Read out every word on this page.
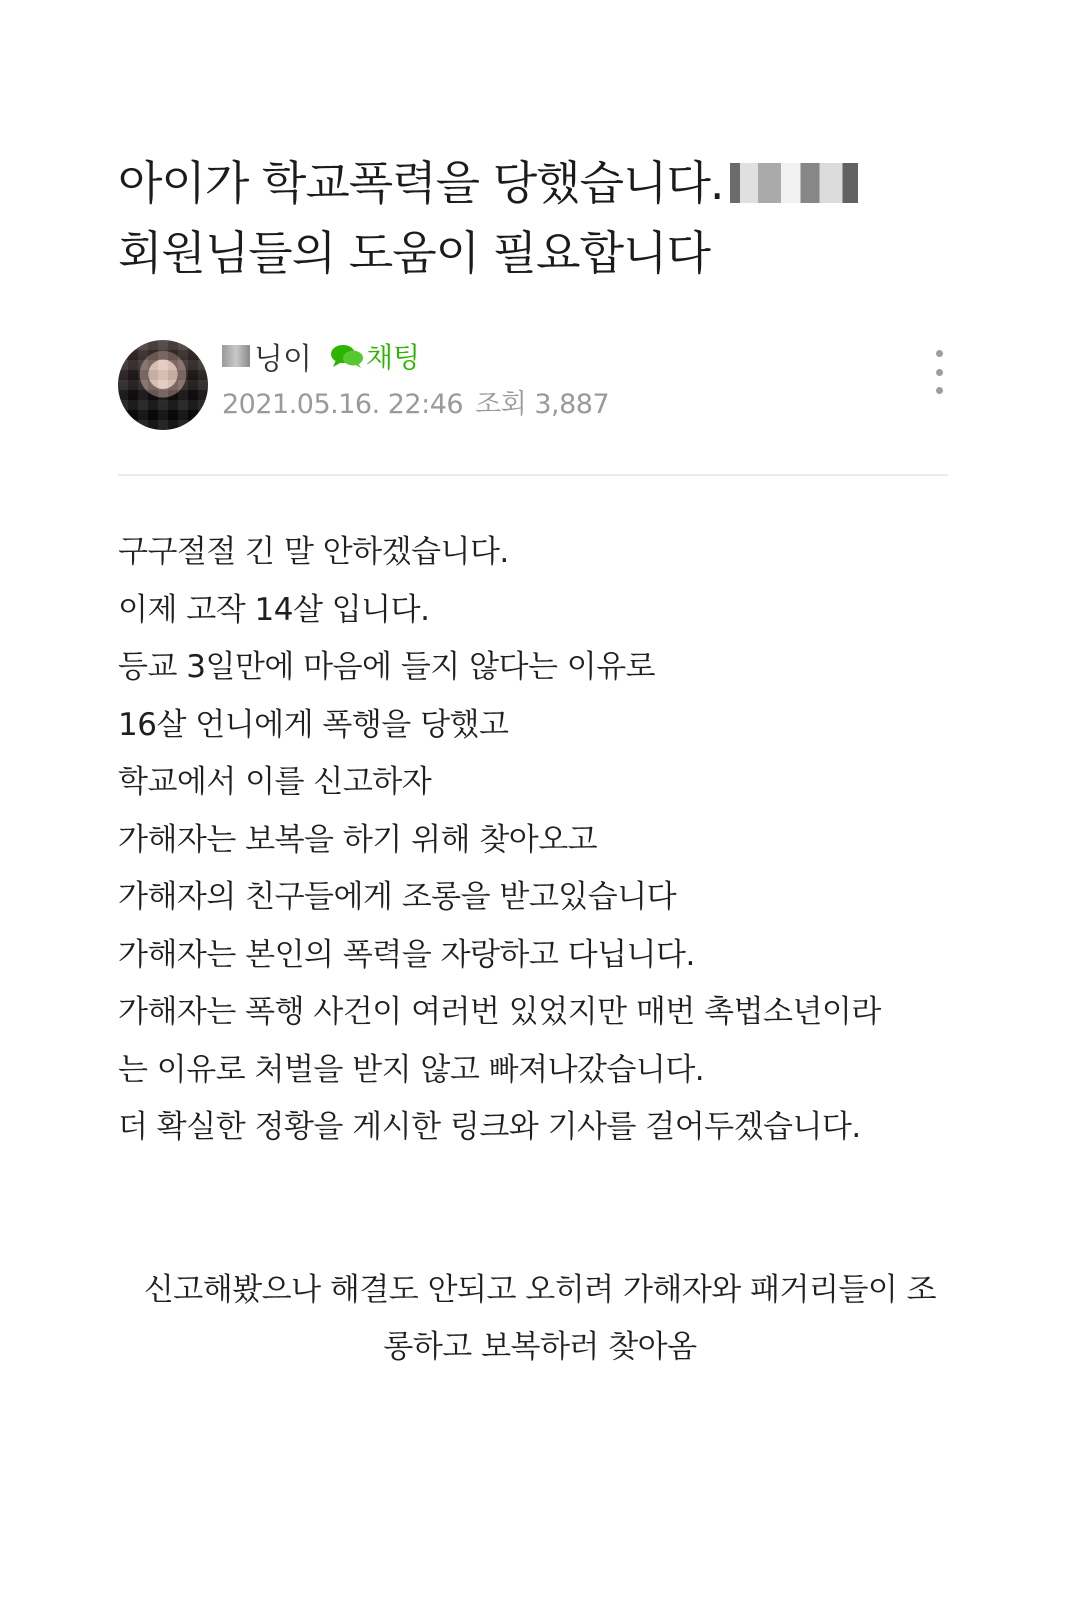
아이가 학교폭력을 당했습니다.
회원님들의 도움이 필요합니다
닝이 채팅
2021.05.16. 22:46 조회 3,887

구구절절 긴 말 안하겠습니다.

이제 고작 14살 입니다.

등교 3일만에 마음에 들지 않다는 이유로

16살 언니에게 폭행을 당했고

학교에서 이를 신고하자

가해자는 보복을 하기 위해 찾아오고

가해자의 친구들에게 조롱을 받고있습니다

가해자는 본인의 폭력을 자랑하고 다닙니다.

가해자는 폭행 사건이 여러번 있었지만 매번 촉법소년이라

는 이유로 처벌을 받지 않고 빠져나갔습니다.

더 확실한 정황을 게시한 링크와 기사를 걸어두겠습니다.

신고해봤으나 해결도 안되고 오히려 가해자와 패거리들이 조

롱하고 보복하러 찾아옴
